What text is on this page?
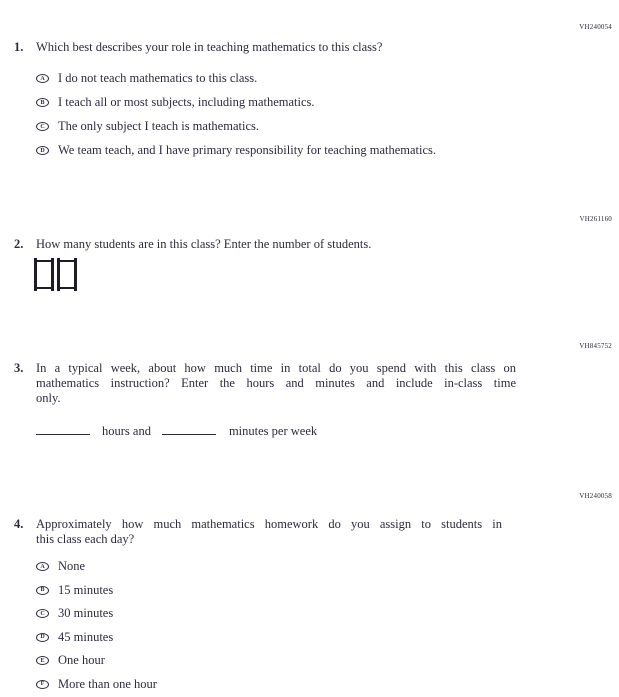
VH240054
1.	Which best describes your role in teaching mathematics to this class?
A	I do not teach mathematics to this class.
B	I teach all or most subjects, including mathematics.
C	The only subject I teach is mathematics.
D	We team teach, and I have primary responsibility for teaching mathematics.
VH261160
2.	How many students are in this class? Enter the number of students.
VH845752
3.	In a typical week, about how much time in total do you spend with this class on
mathematics instruction? Enter the hours and minutes and include in-class time
only.
hours and	minutes per week
VH240058
4.	Approximately how much mathematics homework do you assign to students in
this class each day?
A	None
B	15 minutes
C	30 minutes
D	45 minutes
E	One hour
F	More than one hour
